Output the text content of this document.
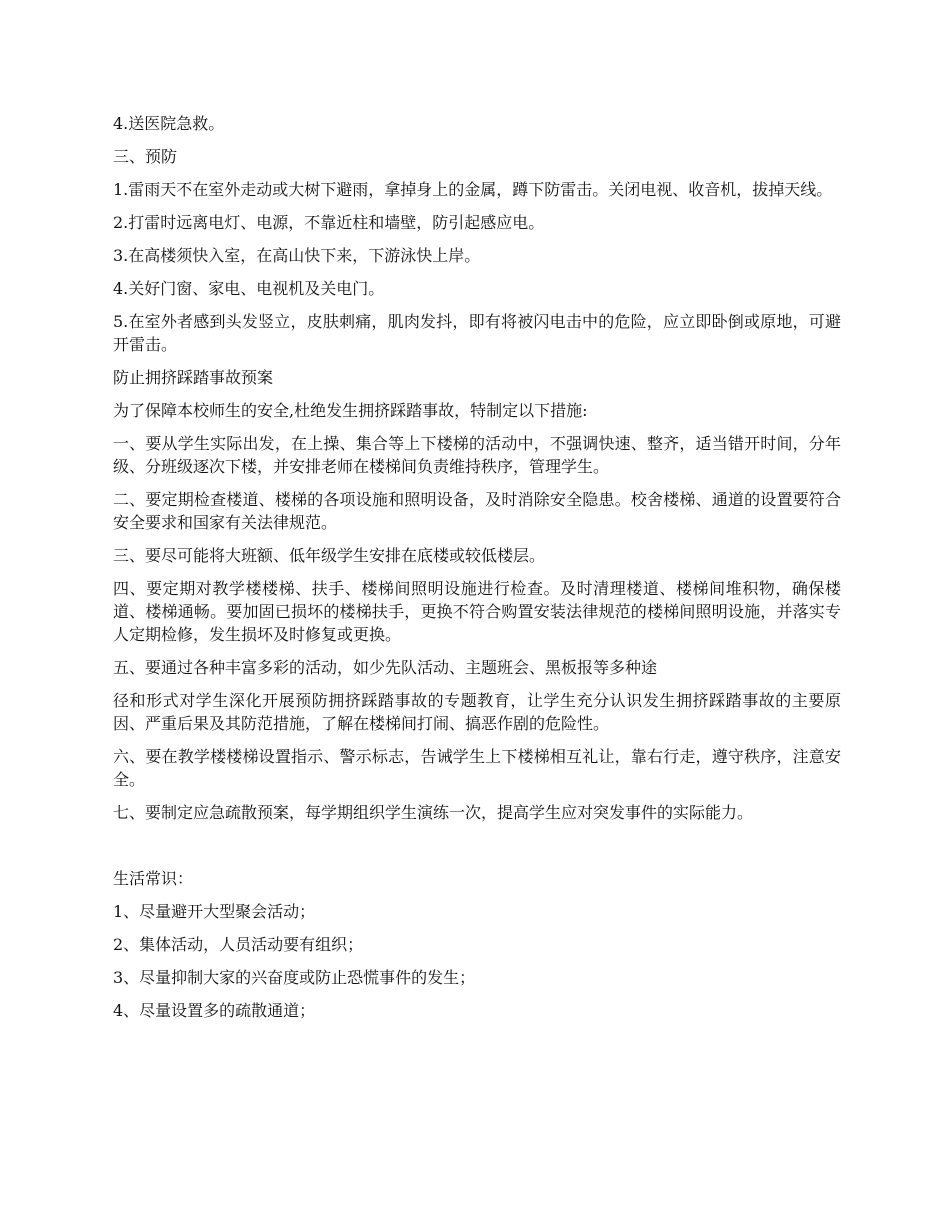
4.送医院急救。

三、预防

1.雷雨天不在室外走动或大树下避雨，拿掉身上的金属，蹲下防雷击。关闭电视、收音机，拔掉天线。

2.打雷时远离电灯、电源，不靠近柱和墙壁，防引起感应电。

3.在高楼须快入室，在高山快下来，下游泳快上岸。

4.关好门窗、家电、电视机及关电门。

5.在室外者感到头发竖立，皮肤刺痛，肌肉发抖，即有将被闪电击中的危险，应立即卧倒或原地，可避开雷击。

防止拥挤踩踏事故预案

为了保障本校师生的安全,杜绝发生拥挤踩踏事故，特制定以下措施:

一、要从学生实际出发，在上操、集合等上下楼梯的活动中，不强调快速、整齐，适当错开时间，分年级、分班级逐次下楼，并安排老师在楼梯间负责维持秩序，管理学生。

二、要定期检查楼道、楼梯的各项设施和照明设备，及时消除安全隐患。校舍楼梯、通道的设置要符合安全要求和国家有关法律规范。

三、要尽可能将大班额、低年级学生安排在底楼或较低楼层。

四、要定期对教学楼楼梯、扶手、楼梯间照明设施进行检查。及时清理楼道、楼梯间堆积物，确保楼道、楼梯通畅。要加固已损坏的楼梯扶手，更换不符合购置安装法律规范的楼梯间照明设施，并落实专人定期检修，发生损坏及时修复或更换。

五、要通过各种丰富多彩的活动，如少先队活动、主题班会、黑板报等多种途

径和形式对学生深化开展预防拥挤踩踏事故的专题教育，让学生充分认识发生拥挤踩踏事故的主要原因、严重后果及其防范措施，了解在楼梯间打闹、搞恶作剧的危险性。

六、要在教学楼楼梯设置指示、警示标志，告诫学生上下楼梯相互礼让，靠右行走，遵守秩序，注意安全。

七、要制定应急疏散预案，每学期组织学生演练一次，提高学生应对突发事件的实际能力。

生活常识：

1、尽量避开大型聚会活动；

2、集体活动，人员活动要有组织；

3、尽量抑制大家的兴奋度或防止恐慌事件的发生；

4、尽量设置多的疏散通道；
